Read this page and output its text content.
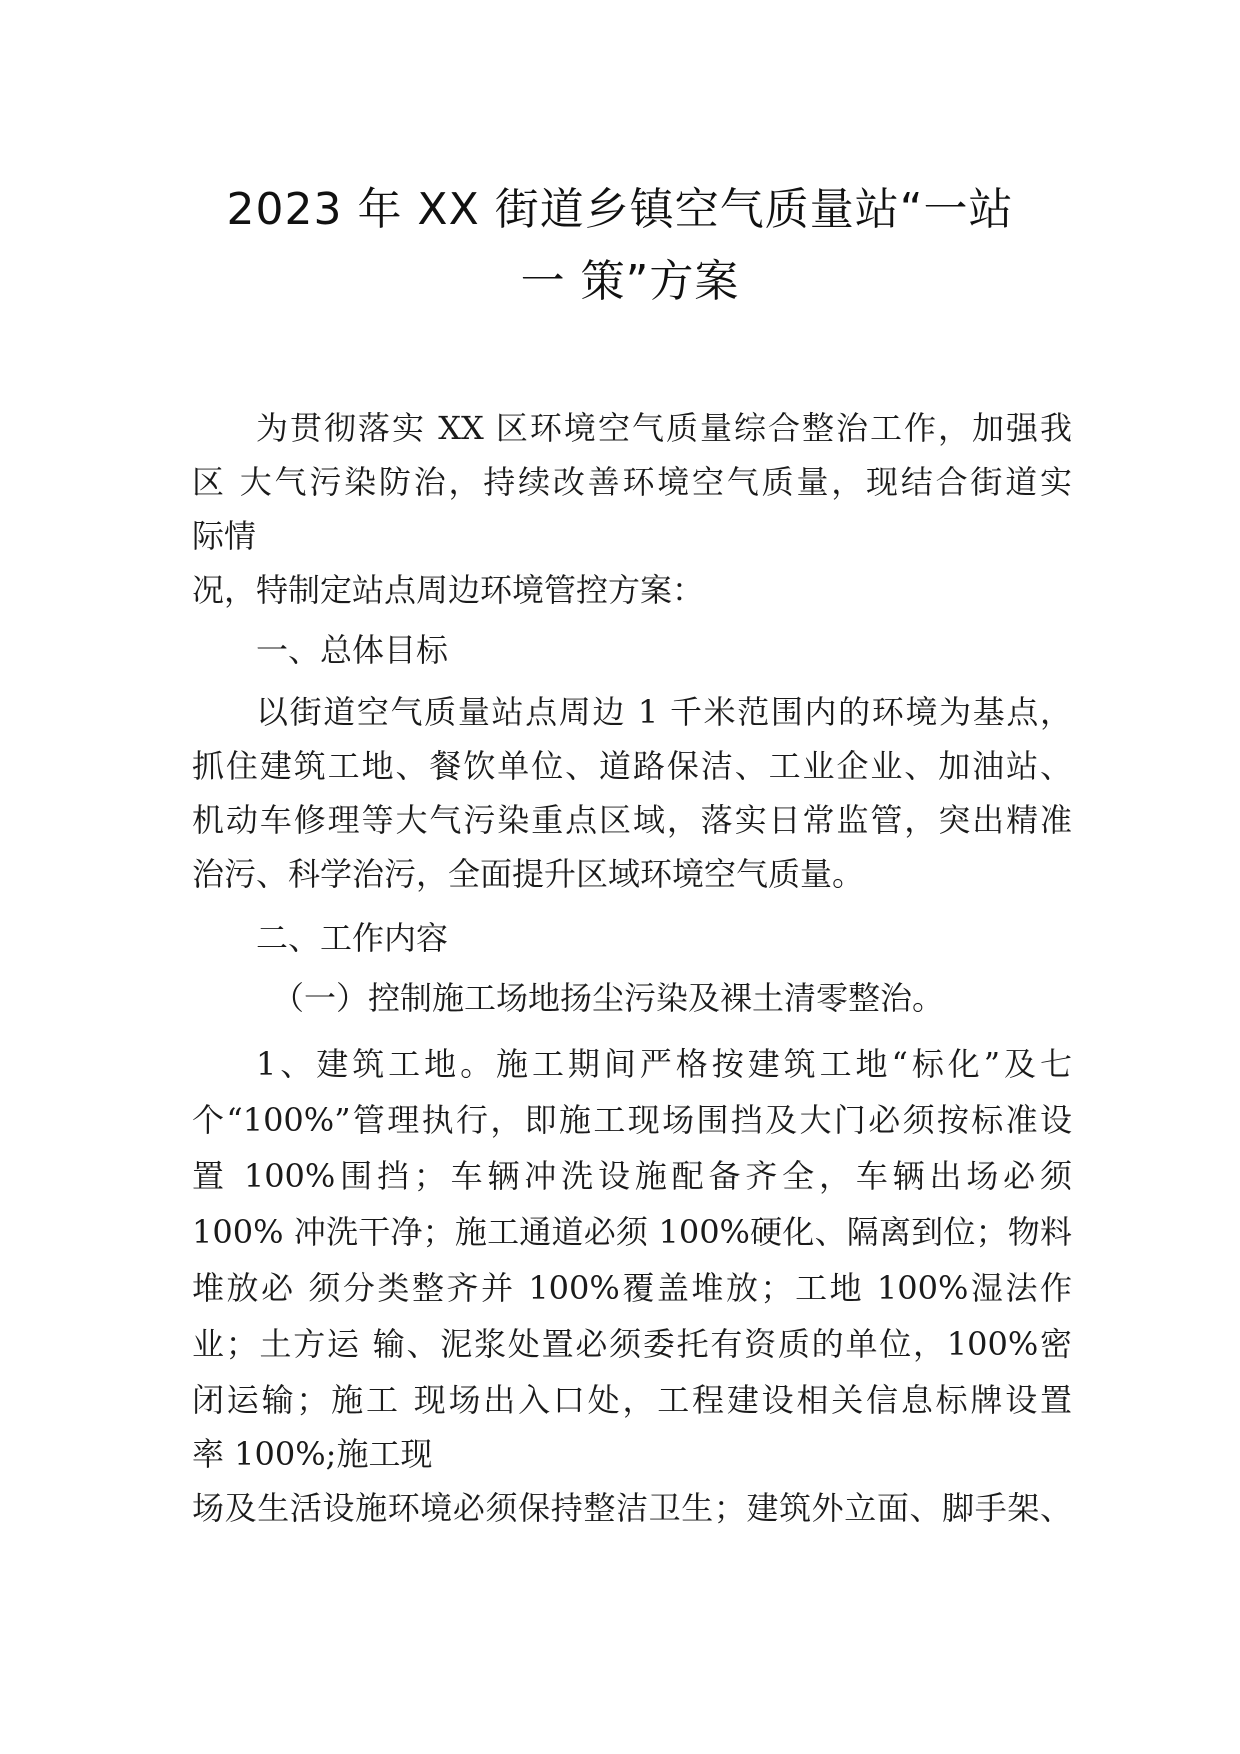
2023 年 XX 街道乡镇空气质量站“一站
一 策”方案
为贯彻落实 XX 区环境空气质量综合整治工作，加强我
区 大气污染防治，持续改善环境空气质量，现结合街道实
际情
况，特制定站点周边环境管控方案：
一、总体目标
以街道空气质量站点周边 1 千米范围内的环境为基点，
抓住建筑工地、餐饮单位、道路保洁、工业企业、加油站、
机动车修理等大气污染重点区域，落实日常监管，突出精准
治污、科学治污，全面提升区域环境空气质量。
二、工作内容
（一）控制施工场地扬尘污染及裸土清零整治。
1、建筑工地。施工期间严格按建筑工地“标化”及七
个“100%”管理执行，即施工现场围挡及大门必须按标准设
置 100%围挡；车辆冲洗设施配备齐全，车辆出场必须
100% 冲洗干净；施工通道必须 100%硬化、隔离到位；物料
堆放必 须分类整齐并 100%覆盖堆放；工地 100%湿法作
业；土方运 输、泥浆处置必须委托有资质的单位，100%密
闭运输；施工 现场出入口处，工程建设相关信息标牌设置
率 100%;施工现
场及生活设施环境必须保持整洁卫生；建筑外立面、脚手架、
